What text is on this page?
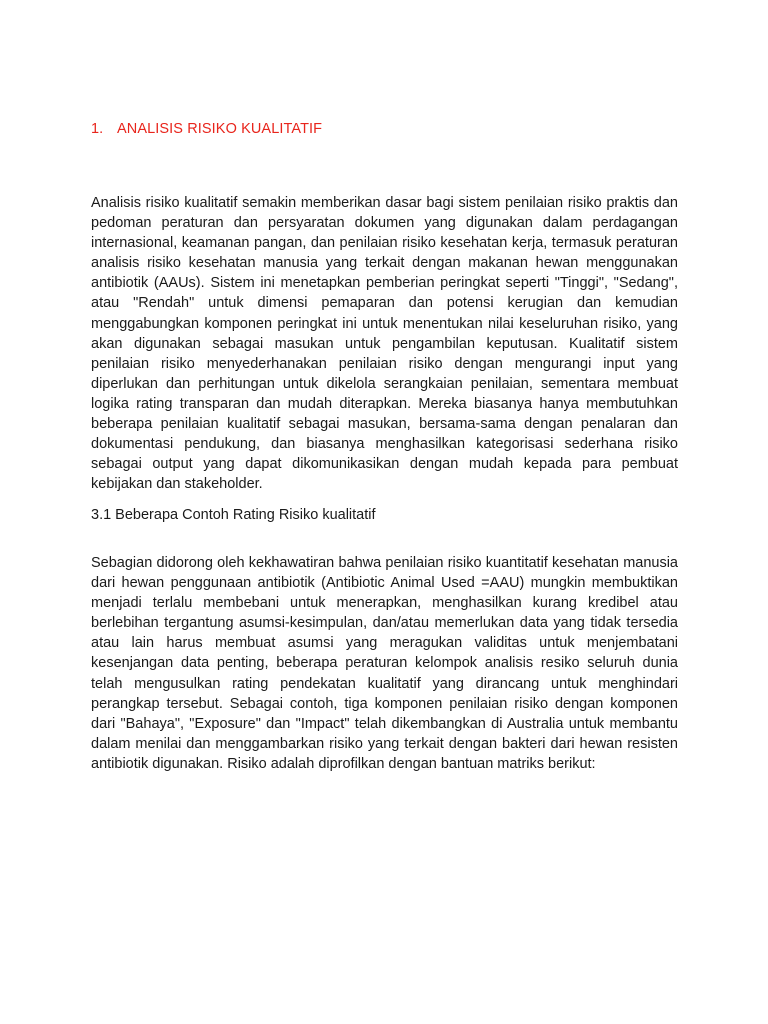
1. ANALISIS RISIKO KUALITATIF
Analisis risiko kualitatif semakin memberikan dasar bagi sistem penilaian risiko praktis dan pedoman peraturan dan persyaratan dokumen yang digunakan dalam perdagangan internasional, keamanan pangan, dan penilaian risiko kesehatan kerja, termasuk peraturan analisis risiko kesehatan manusia yang terkait dengan makanan hewan menggunakan antibiotik (AAUs). Sistem ini menetapkan pemberian peringkat seperti "Tinggi", "Sedang", atau "Rendah" untuk dimensi pemaparan dan potensi kerugian dan kemudian menggabungkan komponen peringkat ini untuk menentukan nilai keseluruhan risiko, yang akan digunakan sebagai masukan untuk pengambilan keputusan. Kualitatif sistem penilaian risiko menyederhanakan penilaian risiko dengan mengurangi input yang diperlukan dan perhitungan untuk dikelola serangkaian penilaian, sementara membuat logika rating transparan dan mudah diterapkan. Mereka biasanya hanya membutuhkan beberapa penilaian kualitatif sebagai masukan, bersama-sama dengan penalaran dan dokumentasi pendukung, dan biasanya menghasilkan kategorisasi sederhana risiko sebagai output yang dapat dikomunikasikan dengan mudah kepada para pembuat kebijakan dan stakeholder.
3.1 Beberapa Contoh Rating Risiko kualitatif
Sebagian didorong oleh kekhawatiran bahwa penilaian risiko kuantitatif kesehatan manusia dari hewan penggunaan antibiotik (Antibiotic Animal Used =AAU) mungkin membuktikan menjadi terlalu membebani untuk menerapkan, menghasilkan kurang kredibel atau berlebihan tergantung asumsi-kesimpulan, dan/atau memerlukan data yang tidak tersedia atau lain harus membuat asumsi yang meragukan validitas untuk menjembatani kesenjangan data penting, beberapa peraturan kelompok analisis resiko seluruh dunia telah mengusulkan rating pendekatan kualitatif yang dirancang untuk menghindari perangkap tersebut. Sebagai contoh, tiga komponen penilaian risiko dengan komponen dari "Bahaya", "Exposure" dan "Impact" telah dikembangkan di Australia untuk membantu dalam menilai dan menggambarkan risiko yang terkait dengan bakteri dari hewan resisten antibiotik digunakan. Risiko adalah diprofilkan dengan bantuan matriks berikut:
